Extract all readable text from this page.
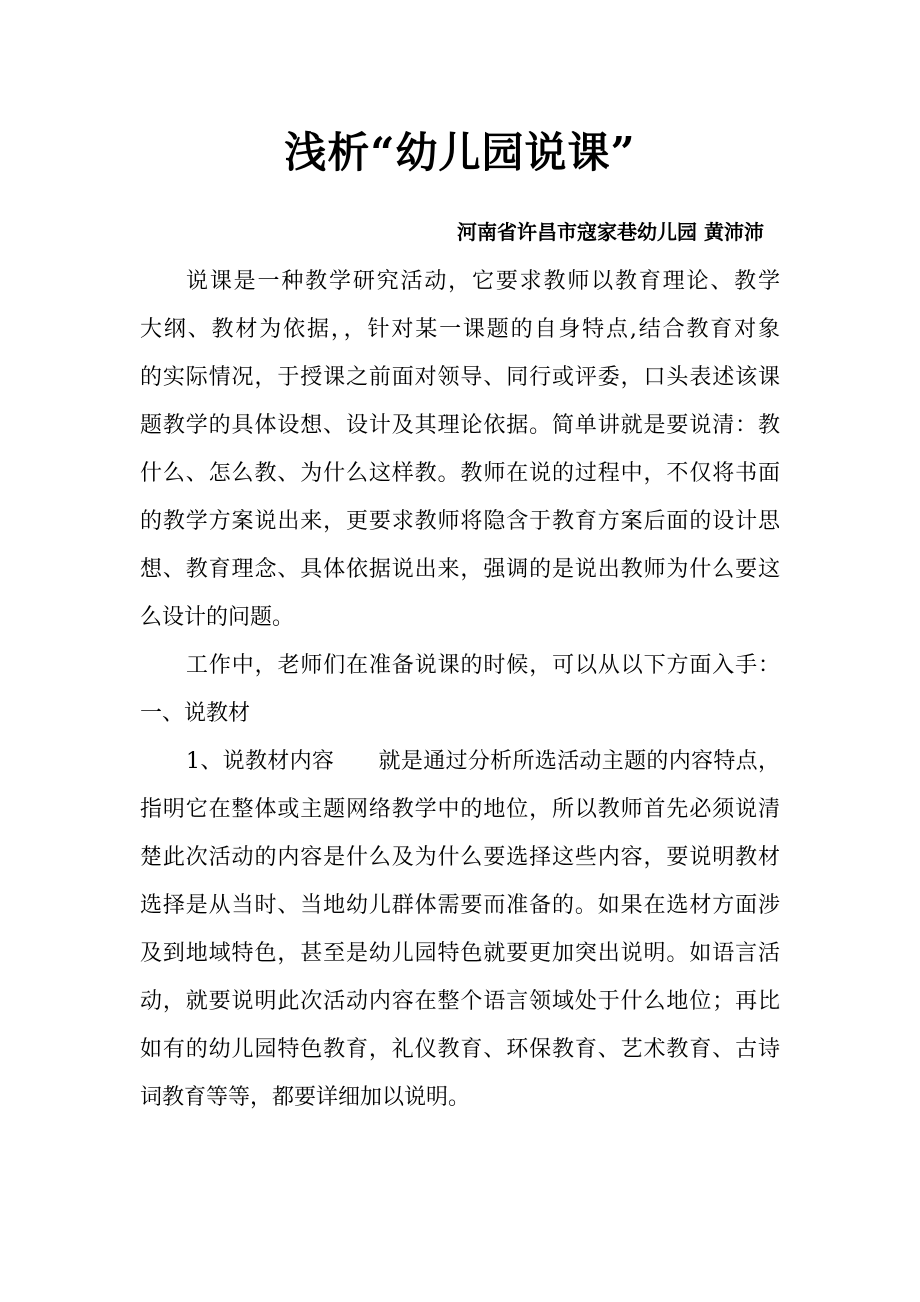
浅析“幼儿园说课”
河南省许昌市寇家巷幼儿园 黄沛沛
说课是一种教学研究活动，它要求教师以教育理论、教学
大纲、教材为依据，，针对某一课题的自身特点,结合教育对象
的实际情况，于授课之前面对领导、同行或评委，口头表述该课
题教学的具体设想、设计及其理论依据。简单讲就是要说清：教
什么、怎么教、为什么这样教。教师在说的过程中，不仅将书面
的教学方案说出来，更要求教师将隐含于教育方案后面的设计思
想、教育理念、具体依据说出来，强调的是说出教师为什么要这
么设计的问题。
工作中，老师们在准备说课的时候，可以从以下方面入手：
一、说教材
1、说教材内容 就是通过分析所选活动主题的内容特点，
指明它在整体或主题网络教学中的地位，所以教师首先必须说清
楚此次活动的内容是什么及为什么要选择这些内容，要说明教材
选择是从当时、当地幼儿群体需要而准备的。如果在选材方面涉
及到地域特色，甚至是幼儿园特色就要更加突出说明。如语言活
动，就要说明此次活动内容在整个语言领域处于什么地位；再比
如有的幼儿园特色教育，礼仪教育、环保教育、艺术教育、古诗
词教育等等，都要详细加以说明。
